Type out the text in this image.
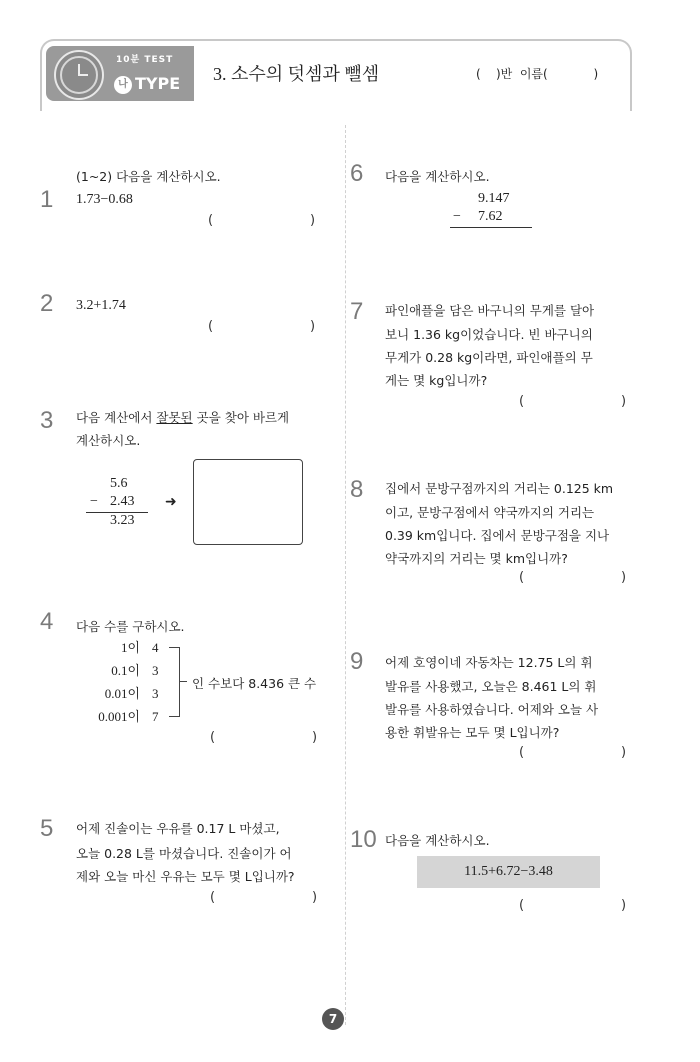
10분 TEST
나 TYPE 3. 소수의 덧셈과 뺄셈	(    )반  이름(            )
1
(1~2) 다음을 계산하시오.
1.73−0.68
(	)
2 3.2+1.74
(	)
3 다음 계산에서 잘못된 곳을 찾아 바르게
계산하시오.
5.6
− 2.43
3.23
➜
4 다음 수를 구하시오.
1이 4
0.1이 3
0.01이 3
0.001이 7
인 수보다 8.436 큰 수
(	)
5 어제 진솔이는 우유를 0.17 L 마셨고,
오늘 0.28 L를 마셨습니다. 진솔이가 어
제와 오늘 마신 우유는 모두 몇 L입니까?
(	)
6 다음을 계산하시오.
9.147
− 7.62
7 파인애플을 담은 바구니의 무게를 달아
보니 1.36 kg이었습니다. 빈 바구니의
무게가 0.28 kg이라면, 파인애플의 무
게는 몇 kg입니까?
(	)
8 집에서 문방구점까지의 거리는 0.125 km
이고, 문방구점에서 약국까지의 거리는
0.39 km입니다. 집에서 문방구점을 지나
약국까지의 거리는 몇 km입니까?
(	)
9 어제 호영이네 자동차는 12.75 L의 휘
발유를 사용했고, 오늘은 8.461 L의 휘
발유를 사용하였습니다. 어제와 오늘 사
용한 휘발유는 모두 몇 L입니까?
(	)
10 다음을 계산하시오.
11.5+6.72−3.48
(	)
7
